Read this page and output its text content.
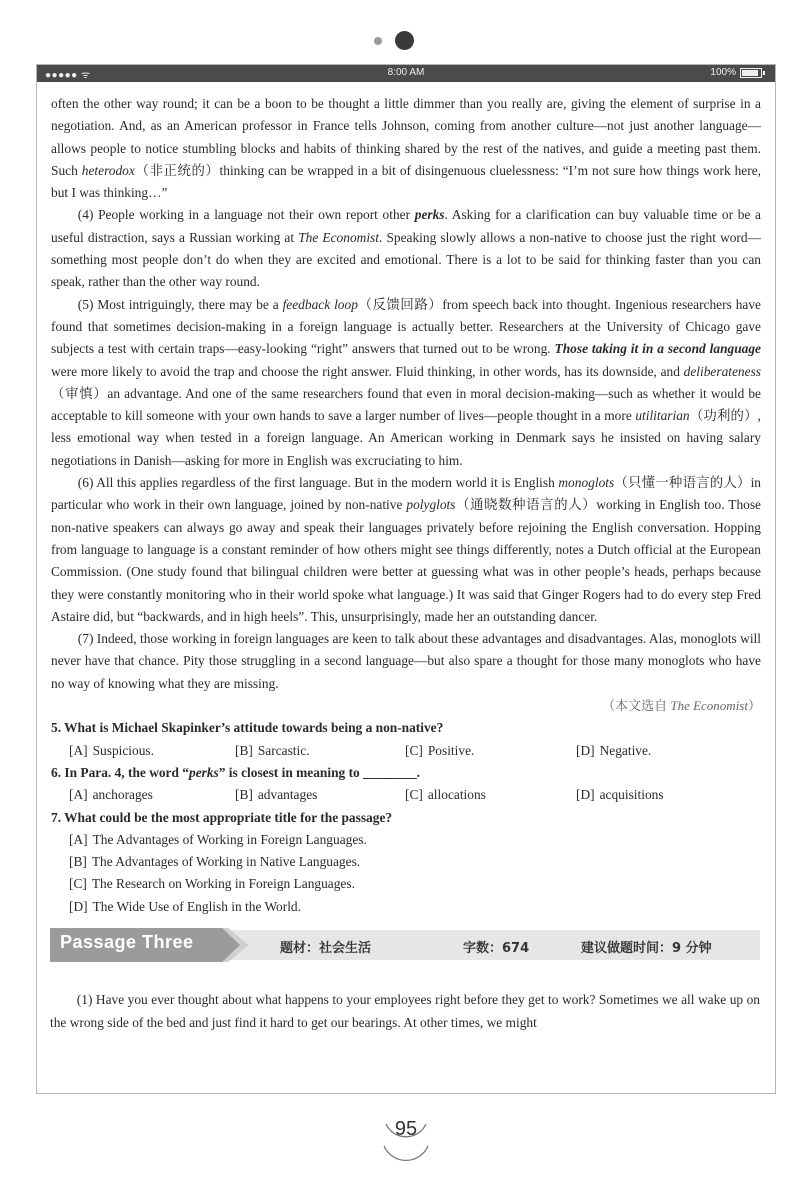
●●●●● ᯤ	8:00 AM	100%

often the other way round; it can be a boon to be thought a little dimmer than you really are, giving the element of surprise in a negotiation. And, as an American professor in France tells Johnson, coming from another culture—not just another language—allows people to notice stumbling blocks and habits of thinking shared by the rest of the natives, and guide a meeting past them. Such heterodox（非正统的）thinking can be wrapped in a bit of disingenuous cluelessness: “I’m not sure how things work here, but I was thinking…”

(4) People working in a language not their own report other perks. Asking for a clarification can buy valuable time or be a useful distraction, says a Russian working at The Economist. Speaking slowly allows a non-native to choose just the right word—something most people don’t do when they are excited and emotional. There is a lot to be said for thinking faster than you can speak, rather than the other way round.

(5) Most intriguingly, there may be a feedback loop（反馈回路）from speech back into thought. Ingenious researchers have found that sometimes decision-making in a foreign language is actually better. Researchers at the University of Chicago gave subjects a test with certain traps—easy-looking “right” answers that turned out to be wrong. Those taking it in a second language were more likely to avoid the trap and choose the right answer. Fluid thinking, in other words, has its downside, and deliberateness（审慎）an advantage. And one of the same researchers found that even in moral decision-making—such as whether it would be acceptable to kill someone with your own hands to save a larger number of lives—people thought in a more utilitarian（功利的）, less emotional way when tested in a foreign language. An American working in Denmark says he insisted on having salary negotiations in Danish—asking for more in English was excruciating to him.

(6) All this applies regardless of the first language. But in the modern world it is English monoglots（只懂一种语言的人）in particular who work in their own language, joined by non-native polyglots（通晓数种语言的人）working in English too. Those non-native speakers can always go away and speak their languages privately before rejoining the English conversation. Hopping from language to language is a constant reminder of how others might see things differently, notes a Dutch official at the European Commission. (One study found that bilingual children were better at guessing what was in other people’s heads, perhaps because they were constantly monitoring who in their world spoke what language.) It was said that Ginger Rogers had to do every step Fred Astaire did, but “backwards, and in high heels”. This, unsurprisingly, made her an outstanding dancer.

(7) Indeed, those working in foreign languages are keen to talk about these advantages and disadvantages. Alas, monoglots will never have that chance. Pity those struggling in a second language—but also spare a thought for those many monoglots who have no way of knowing what they are missing.

（本文选自 The Economist）

5. What is Michael Skapinker’s attitude towards being a non-native?

[A] Suspicious.	[B] Sarcastic.	[C] Positive.	[D] Negative.

6. In Para. 4, the word “perks” is closest in meaning to ________.

[A] anchorages	[B] advantages	[C] allocations	[D] acquisitions

7. What could be the most appropriate title for the passage?

[A] The Advantages of Working in Foreign Languages.
[B] The Advantages of Working in Native Languages.
[C] The Research on Working in Foreign Languages.
[D] The Wide Use of English in the World.
Passage Three	题材：社会生活	字数：674	建议做题时间：9 分钟

(1) Have you ever thought about what happens to your employees right before they get to work? Sometimes we all wake up on the wrong side of the bed and just find it hard to get our bearings. At other times, we might

95
